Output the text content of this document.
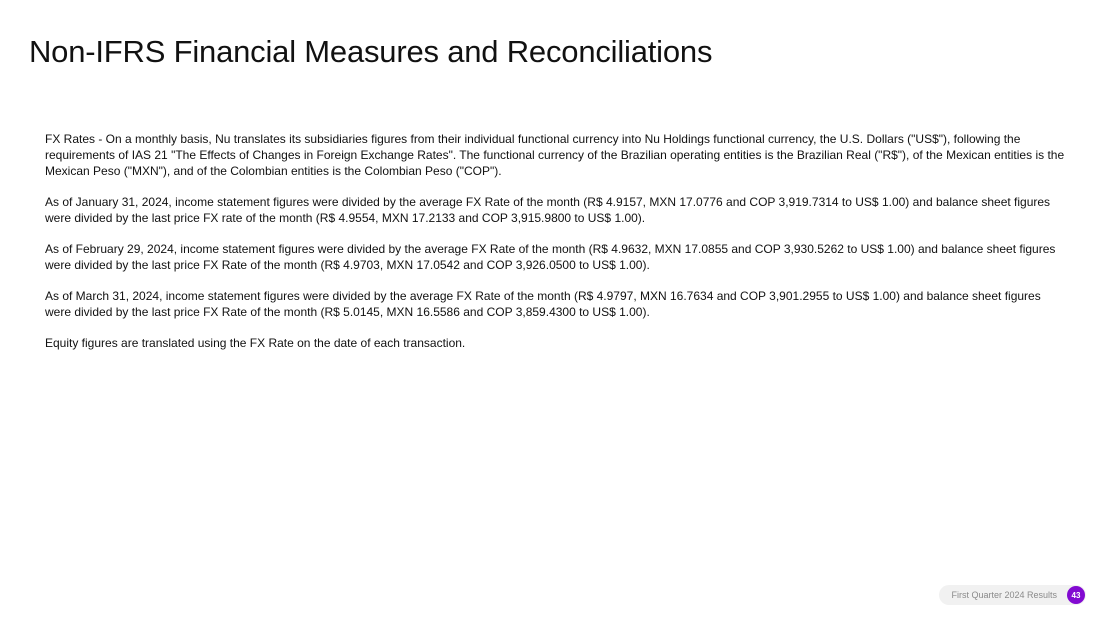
Non-IFRS Financial Measures and Reconciliations

FX Rates - On a monthly basis, Nu translates its subsidiaries figures from their individual functional currency into Nu Holdings functional currency, the U.S. Dollars ("US$"), following the requirements of IAS 21 "The Effects of Changes in Foreign Exchange Rates". The functional currency of the Brazilian operating entities is the Brazilian Real ("R$"), of the Mexican entities is the Mexican Peso ("MXN"), and of the Colombian entities is the Colombian Peso ("COP").

As of January 31, 2024, income statement figures were divided by the average FX Rate of the month (R$ 4.9157, MXN 17.0776 and COP 3,919.7314 to US$ 1.00) and balance sheet figures were divided by the last price FX rate of the month (R$ 4.9554, MXN 17.2133 and COP 3,915.9800 to US$ 1.00).

As of February 29, 2024, income statement figures were divided by the average FX Rate of the month (R$ 4.9632, MXN 17.0855 and COP 3,930.5262 to US$ 1.00) and balance sheet figures were divided by the last price FX Rate of the month (R$ 4.9703, MXN 17.0542 and COP 3,926.0500 to US$ 1.00).

As of March 31, 2024, income statement figures were divided by the average FX Rate of the month (R$ 4.9797, MXN 16.7634 and COP 3,901.2955 to US$ 1.00) and balance sheet figures were divided by the last price FX Rate of the month (R$ 5.0145, MXN 16.5586 and COP 3,859.4300 to US$ 1.00).

Equity figures are translated using the FX Rate on the date of each transaction.

First Quarter 2024 Results	43
